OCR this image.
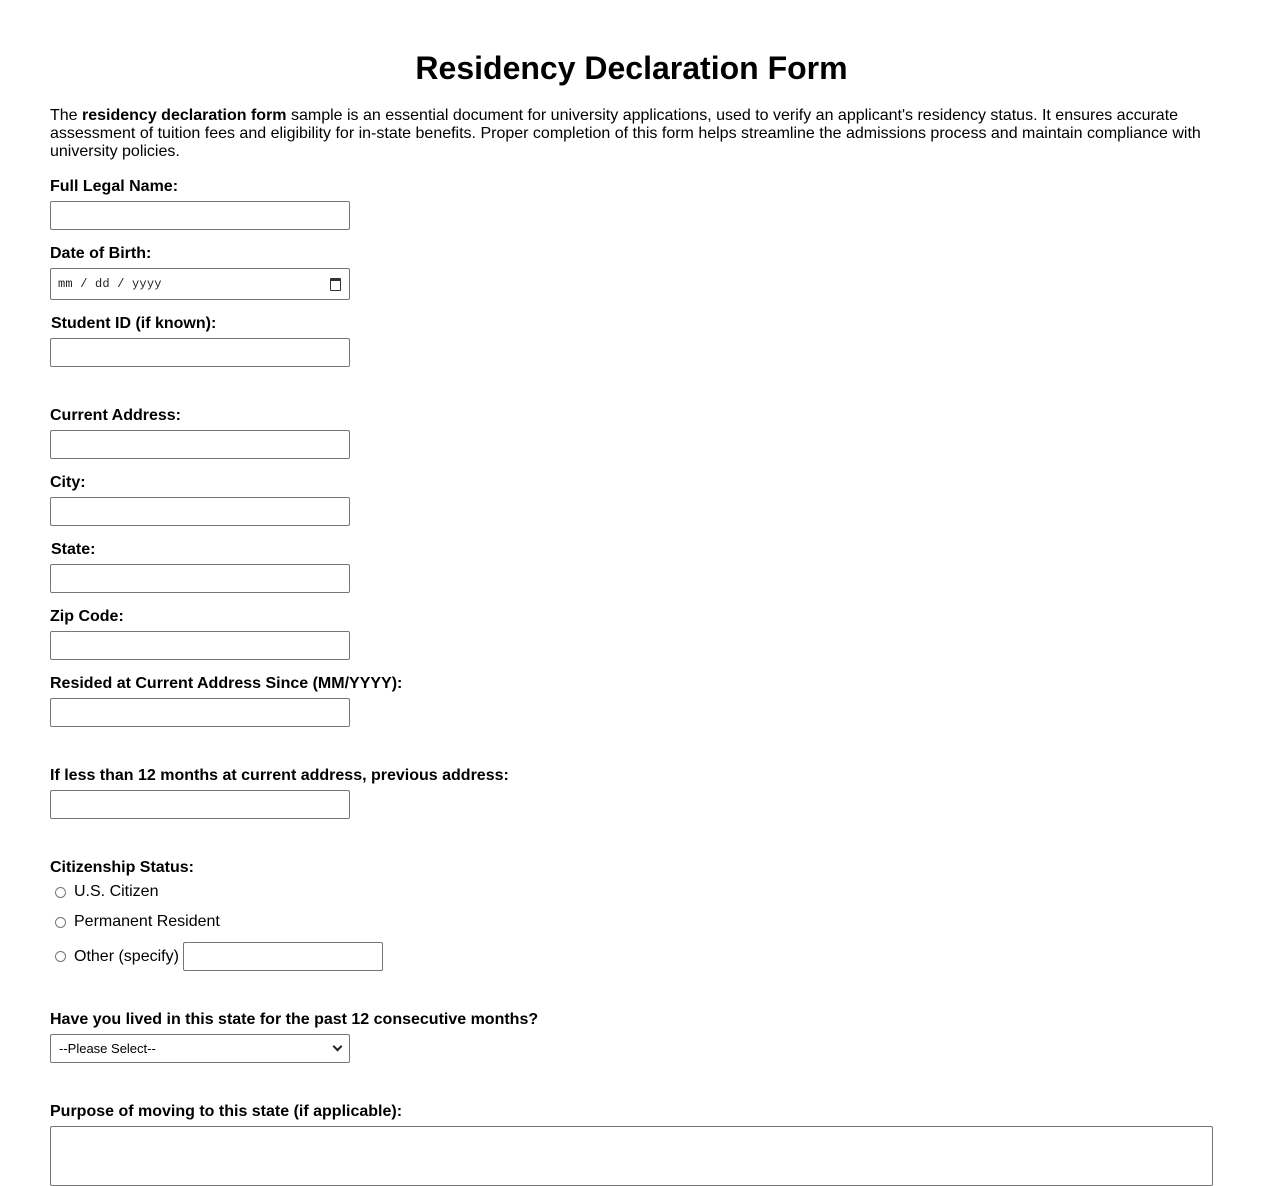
Residency Declaration Form

The residency declaration form sample is an essential document for university applications, used to verify an applicant's residency status. It ensures accurate assessment of tuition fees and eligibility for in-state benefits. Proper completion of this form helps streamline the admissions process and maintain compliance with university policies.

Full Legal Name:
Date of Birth:
mm / dd / yyyy
Student ID (if known):
Current Address:
City:
State:
Zip Code:
Resided at Current Address Since (MM/YYYY):
If less than 12 months at current address, previous address:
Citizenship Status:
U.S. Citizen
Permanent Resident
Other (specify)
Have you lived in this state for the past 12 consecutive months?
--Please Select--
Purpose of moving to this state (if applicable):
